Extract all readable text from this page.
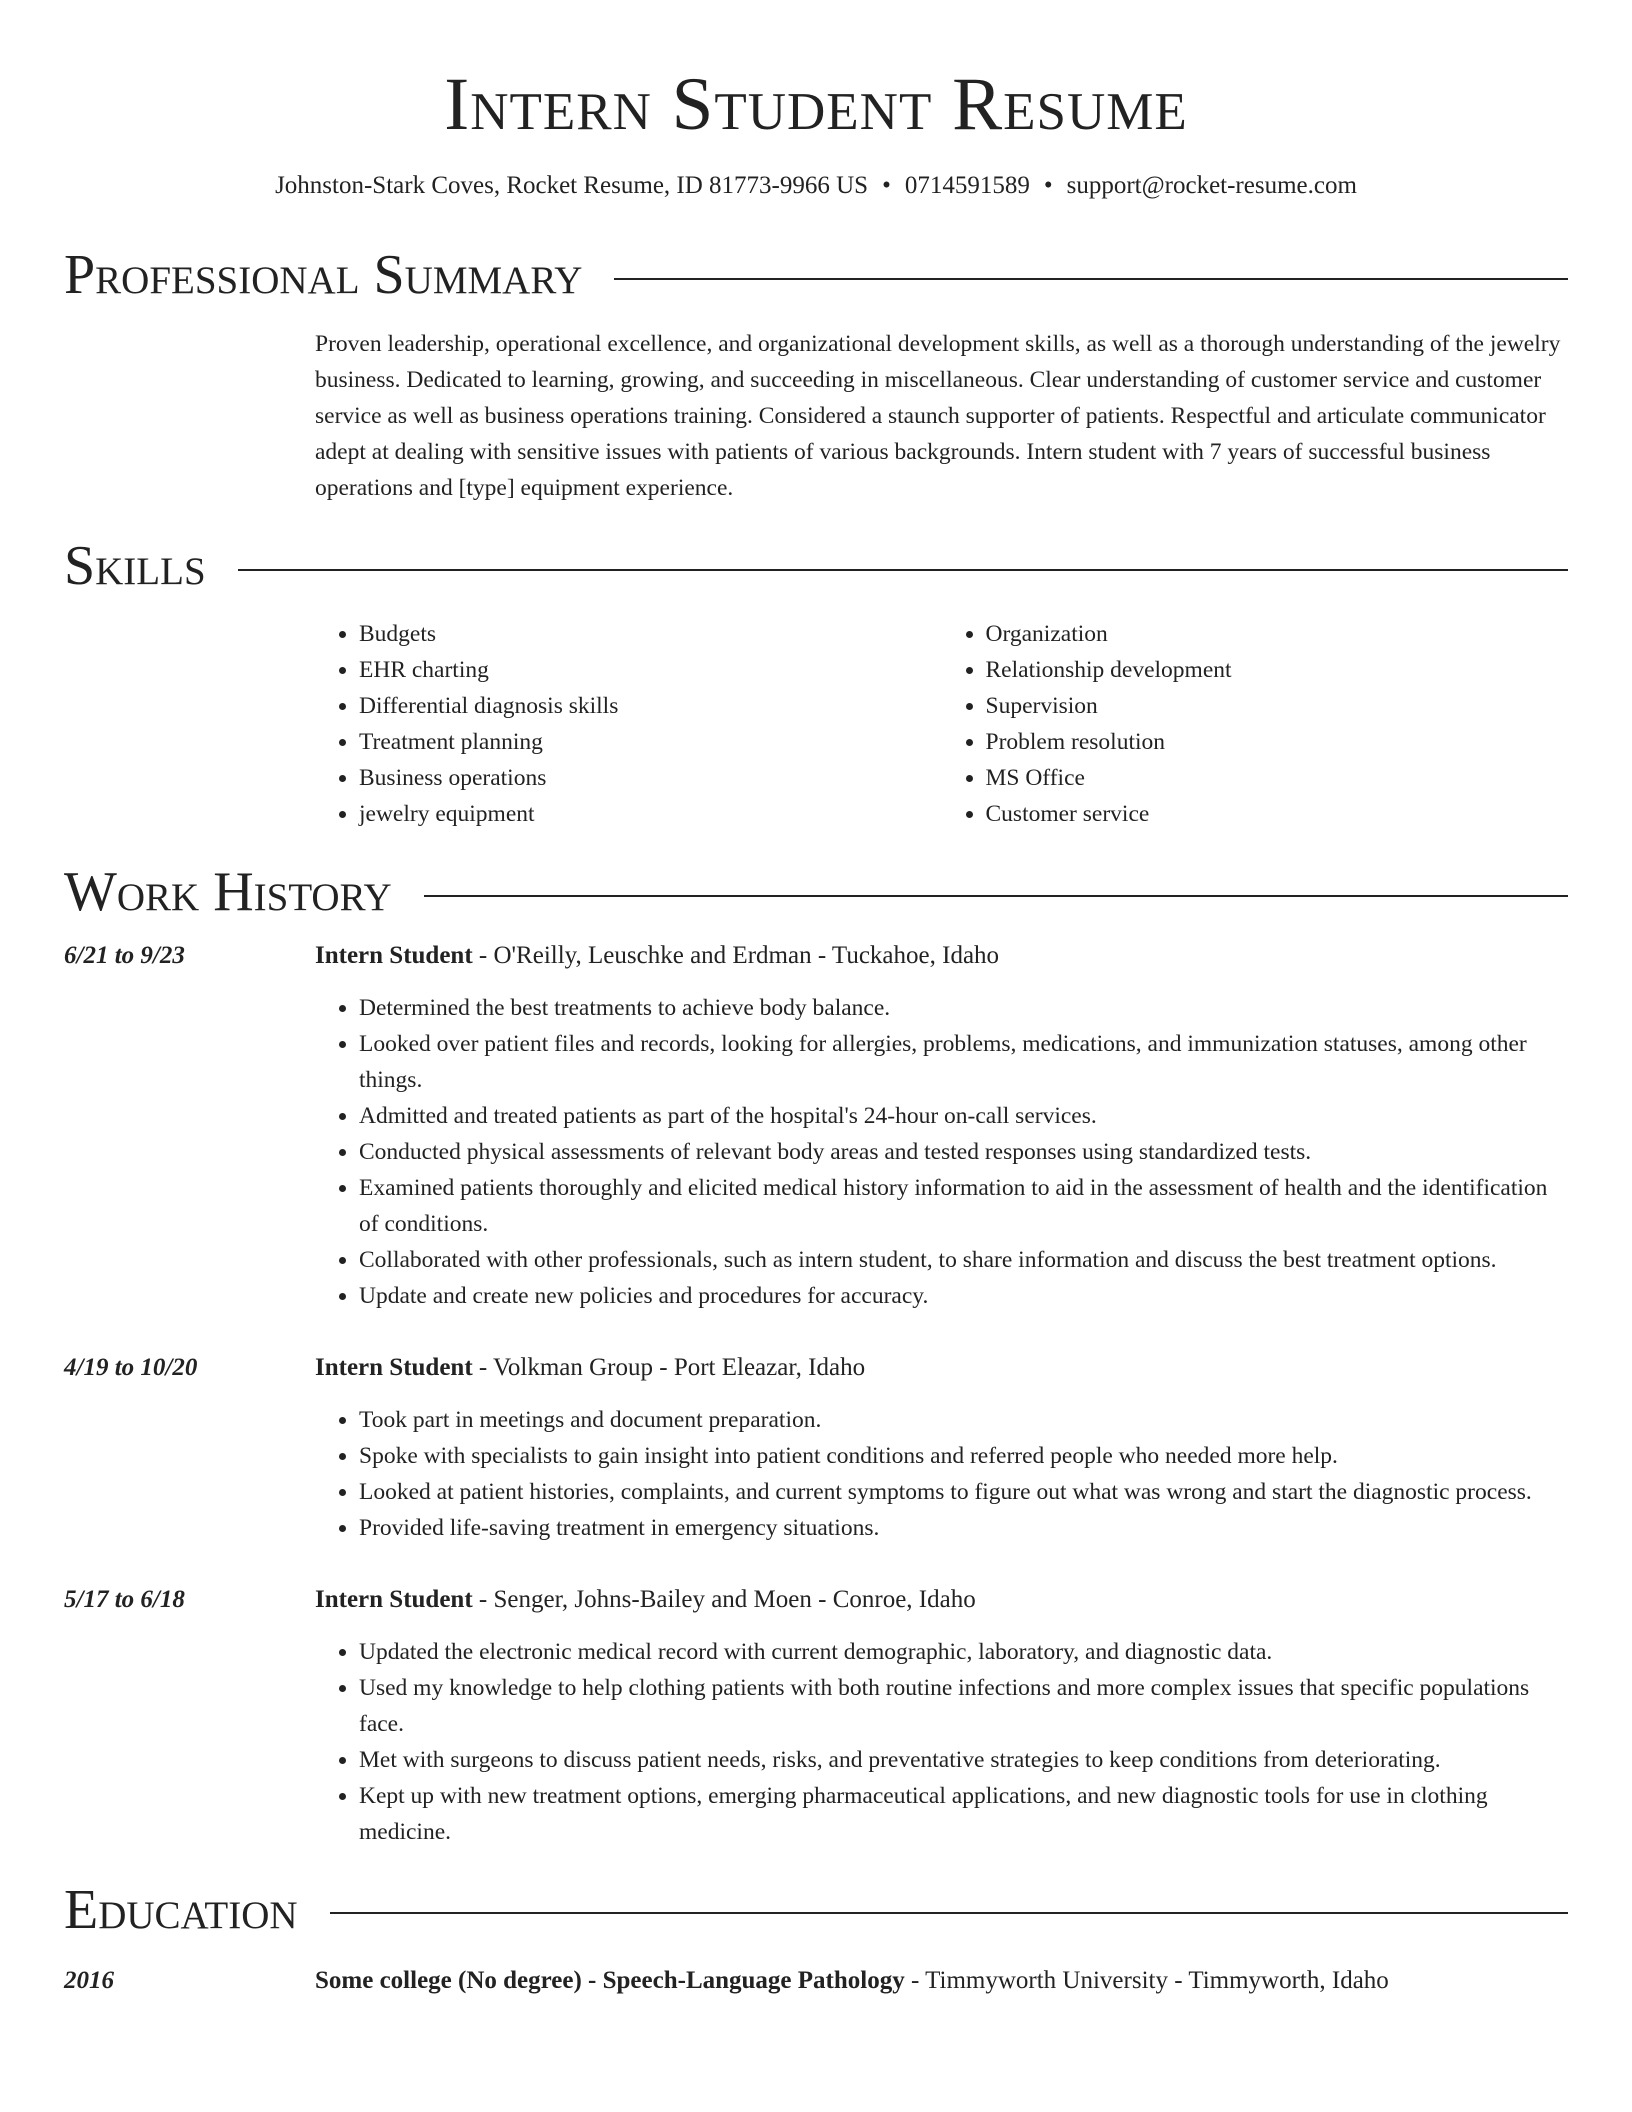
Intern Student Resume
Johnston-Stark Coves, Rocket Resume, ID 81773-9966 US • 0714591589 • support@rocket-resume.com
Professional Summary

Proven leadership, operational excellence, and organizational development skills, as well as a thorough understanding of the jewelry business. Dedicated to learning, growing, and succeeding in miscellaneous. Clear understanding of customer service and customer service as well as business operations training. Considered a staunch supporter of patients. Respectful and articulate communicator adept at dealing with sensitive issues with patients of various backgrounds. Intern student with 7 years of successful business operations and [type] equipment experience.

Skills
• Budgets
• EHR charting
• Differential diagnosis skills
• Treatment planning
• Business operations
• jewelry equipment
• Organization
• Relationship development
• Supervision
• Problem resolution
• MS Office
• Customer service
Work History
6/21 to 9/23	Intern Student - O'Reilly, Leuschke and Erdman - Tuckahoe, Idaho
• Determined the best treatments to achieve body balance.
• Looked over patient files and records, looking for allergies, problems, medications, and immunization statuses, among other things.
• Admitted and treated patients as part of the hospital's 24-hour on-call services.
• Conducted physical assessments of relevant body areas and tested responses using standardized tests.
• Examined patients thoroughly and elicited medical history information to aid in the assessment of health and the identification of conditions.
• Collaborated with other professionals, such as intern student, to share information and discuss the best treatment options.
• Update and create new policies and procedures for accuracy.
4/19 to 10/20	Intern Student - Volkman Group - Port Eleazar, Idaho
• Took part in meetings and document preparation.
• Spoke with specialists to gain insight into patient conditions and referred people who needed more help.
• Looked at patient histories, complaints, and current symptoms to figure out what was wrong and start the diagnostic process.
• Provided life-saving treatment in emergency situations.
5/17 to 6/18	Intern Student - Senger, Johns-Bailey and Moen - Conroe, Idaho
• Updated the electronic medical record with current demographic, laboratory, and diagnostic data.
• Used my knowledge to help clothing patients with both routine infections and more complex issues that specific populations face.
• Met with surgeons to discuss patient needs, risks, and preventative strategies to keep conditions from deteriorating.
• Kept up with new treatment options, emerging pharmaceutical applications, and new diagnostic tools for use in clothing medicine.
Education
2016	Some college (No degree) - Speech-Language Pathology - Timmyworth University - Timmyworth, Idaho
